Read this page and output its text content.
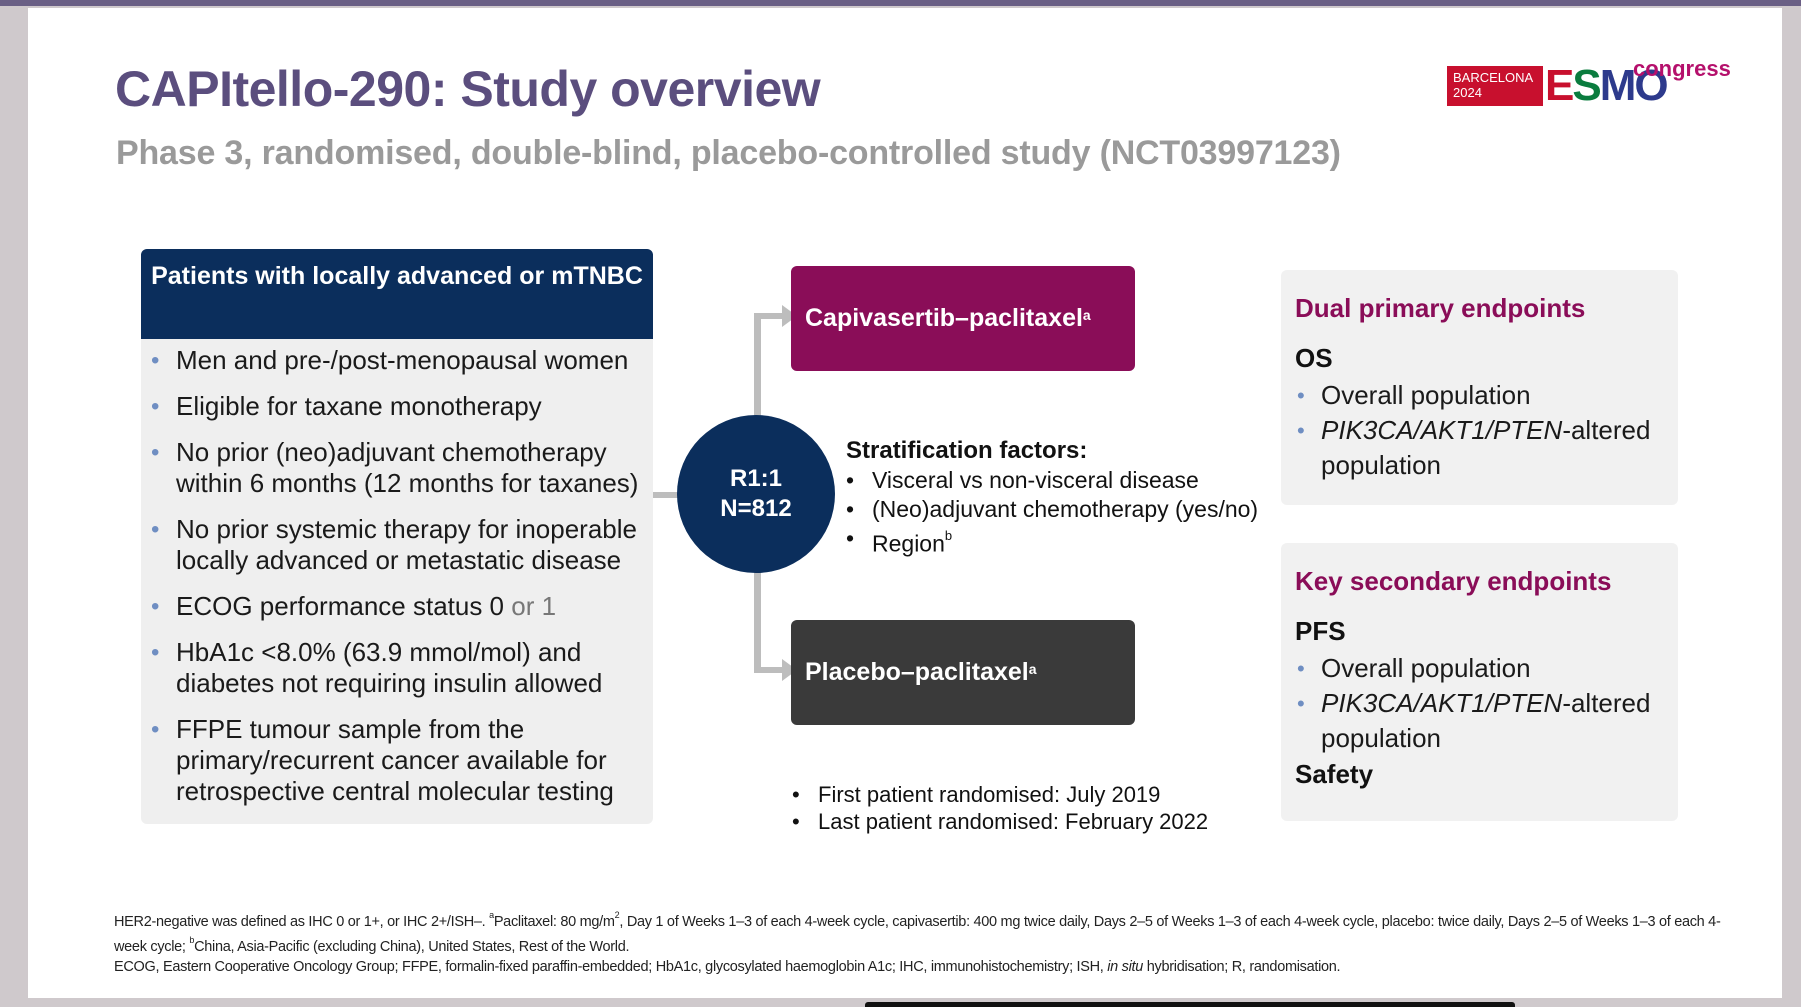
CAPItello-290: Study overview
Phase 3, randomised, double-blind, placebo-controlled study (NCT03997123)
BARCELONA
2024	ESMO
congress
Patients with locally advanced or mTNBC
• Men and pre-/post-menopausal women
• Eligible for taxane monotherapy
• No prior (neo)adjuvant chemotherapy within 6 months (12 months for taxanes)
• No prior systemic therapy for inoperable locally advanced or metastatic disease
• ECOG performance status 0 or 1
• HbA1c <8.0% (63.9 mmol/mol) and diabetes not requiring insulin allowed
• FFPE tumour sample from the primary/recurrent cancer available for retrospective central molecular testing
R1:1
N=812
Capivasertib–paclitaxel$^a$
Placebo–paclitaxel$^a$
Stratification factors:
• Visceral vs non-visceral disease
• (Neo)adjuvant chemotherapy (yes/no)
• Region$^b$
• First patient randomised: July 2019
• Last patient randomised: February 2022
Dual primary endpoints
OS
• Overall population
• PIK3CA/AKT1/PTEN-altered population
Key secondary endpoints
PFS
• Overall population
• PIK3CA/AKT1/PTEN-altered population
Safety
HER2-negative was defined as IHC 0 or 1+, or IHC 2+/ISH–. $^a$Paclitaxel: 80 $mg/m^2$, Day 1 of Weeks 1–3 of each 4-week cycle, capivasertib: 400 mg twice daily, Days 2–5 of Weeks 1–3 of each 4-week cycle, placebo: twice daily, Days 2–5 of Weeks 1–3 of each 4-week cycle; $^b$China, Asia-Pacific (excluding China), United States, Rest of the World.
ECOG, Eastern Cooperative Oncology Group; FFPE, formalin-fixed paraffin-embedded; HbA1c, glycosylated haemoglobin A1c; IHC, immunohistochemistry; ISH, in situ hybridisation; R, randomisation.
